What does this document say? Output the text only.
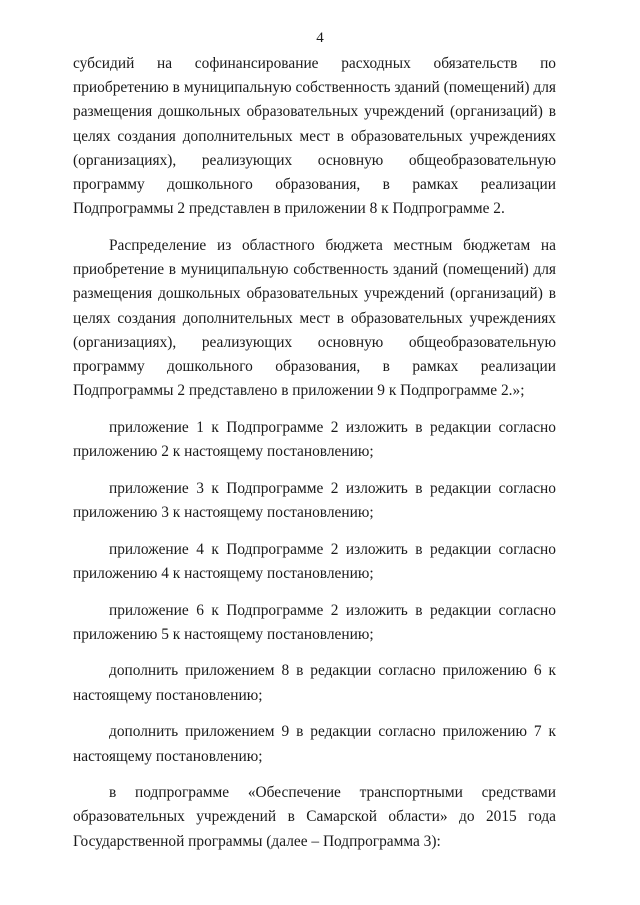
4

субсидий на софинансирование расходных обязательств по приобретению в муниципальную собственность зданий (помещений) для размещения дошкольных образовательных учреждений (организаций) в целях создания дополнительных мест в образовательных учреждениях (организациях), реализующих основную общеобразовательную программу дошкольного образования, в рамках реализации Подпрограммы 2 представлен в приложении 8 к Подпрограмме 2.

Распределение из областного бюджета местным бюджетам на приобретение в муниципальную собственность зданий (помещений) для размещения дошкольных образовательных учреждений (организаций) в целях создания дополнительных мест в образовательных учреждениях (организациях), реализующих основную общеобразовательную программу дошкольного образования, в рамках реализации Подпрограммы 2 представлено в приложении 9 к Подпрограмме 2.»;

приложение 1 к Подпрограмме 2 изложить в редакции согласно приложению 2 к настоящему постановлению;

приложение 3 к Подпрограмме 2 изложить в редакции согласно приложению 3 к настоящему постановлению;

приложение 4 к Подпрограмме 2 изложить в редакции согласно приложению 4 к настоящему постановлению;

приложение 6 к Подпрограмме 2 изложить в редакции согласно приложению 5 к настоящему постановлению;

дополнить приложением 8 в редакции согласно приложению 6 к настоящему постановлению;

дополнить приложением 9 в редакции согласно приложению 7 к настоящему постановлению;

в подпрограмме «Обеспечение транспортными средствами образовательных учреждений в Самарской области» до 2015 года Государственной программы (далее – Подпрограмма 3):
